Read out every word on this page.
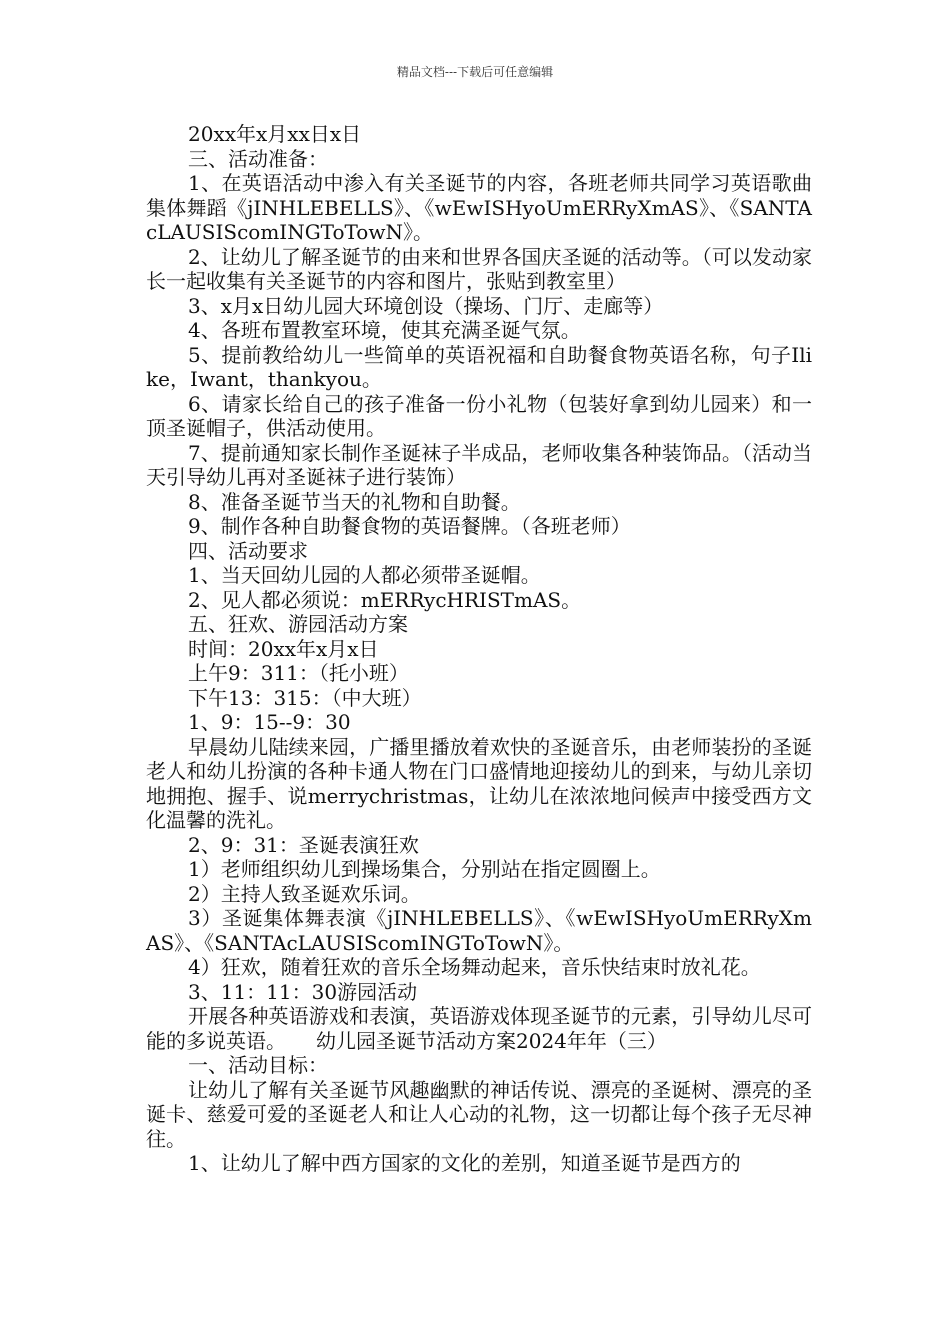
精品文档---下载后可任意编辑

20xx年x月xx日x日

三、活动准备：

1、在英语活动中渗入有关圣诞节的内容，各班老师共同学习英语歌曲集体舞蹈《jINHLEBELLS》、《wEwISHyoUmERRyXmAS》、《SANTAcLAUSIScomINGToTowN》。

2、让幼儿了解圣诞节的由来和世界各国庆圣诞的活动等。（可以发动家长一起收集有关圣诞节的内容和图片，张贴到教室里）

3、x月x日幼儿园大环境创设（操场、门厅、走廊等）

4、各班布置教室环境，使其充满圣诞气氛。

5、提前教给幼儿一些简单的英语祝福和自助餐食物英语名称，句子Ilike，Iwant，thankyou。

6、请家长给自己的孩子准备一份小礼物（包装好拿到幼儿园来）和一顶圣诞帽子，供活动使用。

7、提前通知家长制作圣诞袜子半成品，老师收集各种装饰品。（活动当天引导幼儿再对圣诞袜子进行装饰）

8、准备圣诞节当天的礼物和自助餐。

9、制作各种自助餐食物的英语餐牌。（各班老师）

四、活动要求

1、当天回幼儿园的人都必须带圣诞帽。

2、见人都必须说：mERRycHRISTmAS。

五、狂欢、游园活动方案

时间：20xx年x月x日

上午9：311：（托小班）

下午13：315：（中大班）

1、9：15--9：30

早晨幼儿陆续来园，广播里播放着欢快的圣诞音乐，由老师装扮的圣诞老人和幼儿扮演的各种卡通人物在门口盛情地迎接幼儿的到来，与幼儿亲切地拥抱、握手、说merrychristmas，让幼儿在浓浓地问候声中接受西方文化温馨的洗礼。

2、9：31：圣诞表演狂欢

1）老师组织幼儿到操场集合，分别站在指定圆圈上。

2）主持人致圣诞欢乐词。

3）圣诞集体舞表演《jINHLEBELLS》、《wEwISHyoUmERRyXmAS》、《SANTAcLAUSIScomINGToTowN》。

4）狂欢，随着狂欢的音乐全场舞动起来，音乐快结束时放礼花。

3、11：11：30游园活动

开展各种英语游戏和表演，英语游戏体现圣诞节的元素，引导幼儿尽可能的多说英语。　　幼儿园圣诞节活动方案2024年年（三）

一、活动目标：

让幼儿了解有关圣诞节风趣幽默的神话传说、漂亮的圣诞树、漂亮的圣诞卡、慈爱可爱的圣诞老人和让人心动的礼物，这一切都让每个孩子无尽神往。

1、让幼儿了解中西方国家的文化的差别，知道圣诞节是西方的
